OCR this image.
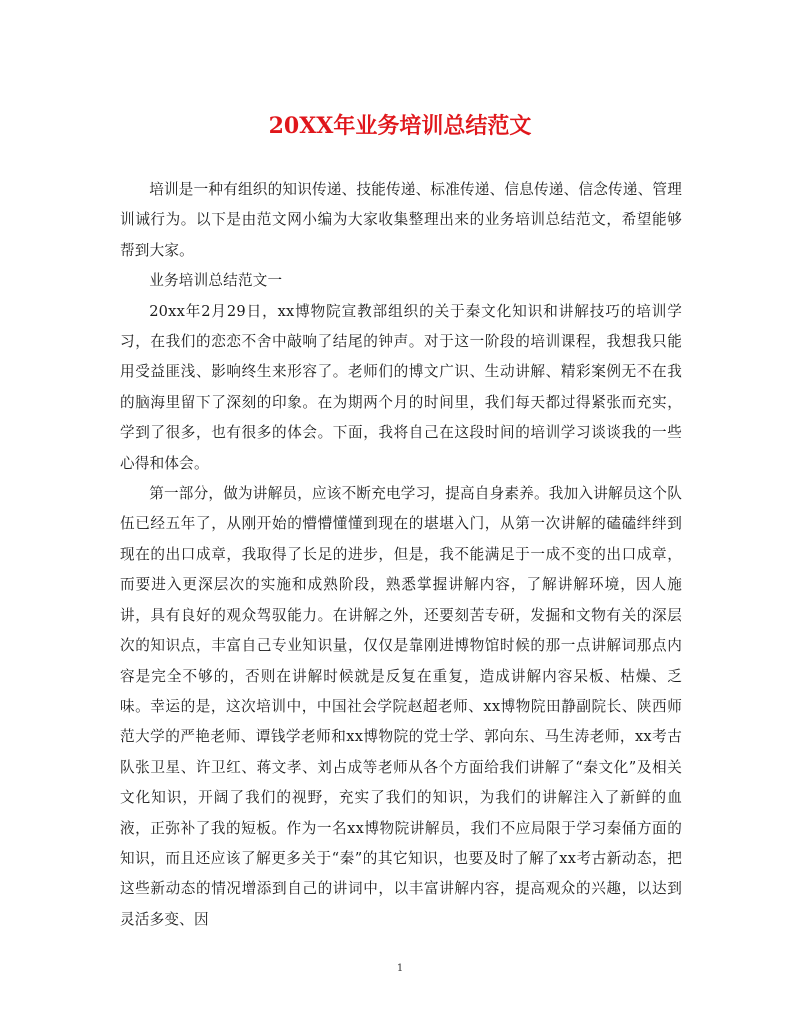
20XX年业务培训总结范文

培训是一种有组织的知识传递、技能传递、标准传递、信息传递、信念传递、管理训诫行为。以下是由范文网小编为大家收集整理出来的业务培训总结范文，希望能够帮到大家。

业务培训总结范文一

20xx年2月29日，xx博物院宣教部组织的关于秦文化知识和讲解技巧的培训学习，在我们的恋恋不舍中敲响了结尾的钟声。对于这一阶段的培训课程，我想我只能用受益匪浅、影响终生来形容了。老师们的博文广识、生动讲解、精彩案例无不在我的脑海里留下了深刻的印象。在为期两个月的时间里，我们每天都过得紧张而充实，学到了很多，也有很多的体会。下面，我将自己在这段时间的培训学习谈谈我的一些心得和体会。

第一部分，做为讲解员，应该不断充电学习，提高自身素养。我加入讲解员这个队伍已经五年了，从刚开始的懵懵懂懂到现在的堪堪入门，从第一次讲解的磕磕绊绊到现在的出口成章，我取得了长足的进步，但是，我不能满足于一成不变的出口成章，而要进入更深层次的实施和成熟阶段，熟悉掌握讲解内容，了解讲解环境，因人施讲，具有良好的观众驾驭能力。在讲解之外，还要刻苦专研，发掘和文物有关的深层次的知识点，丰富自己专业知识量，仅仅是靠刚进博物馆时候的那一点讲解词那点内容是完全不够的，否则在讲解时候就是反复在重复，造成讲解内容呆板、枯燥、乏味。幸运的是，这次培训中，中国社会学院赵超老师、xx博物院田静副院长、陕西师范大学的严艳老师、谭钱学老师和xx博物院的党士学、郭向东、马生涛老师，xx考古队张卫星、许卫红、蒋文孝、刘占成等老师从各个方面给我们讲解了“秦文化”及相关文化知识，开阔了我们的视野，充实了我们的知识，为我们的讲解注入了新鲜的血液，正弥补了我的短板。作为一名xx博物院讲解员，我们不应局限于学习秦俑方面的知识，而且还应该了解更多关于“秦”的其它知识，也要及时了解了xx考古新动态，把这些新动态的情况增添到自己的讲词中，以丰富讲解内容，提高观众的兴趣，以达到灵活多变、因

1
